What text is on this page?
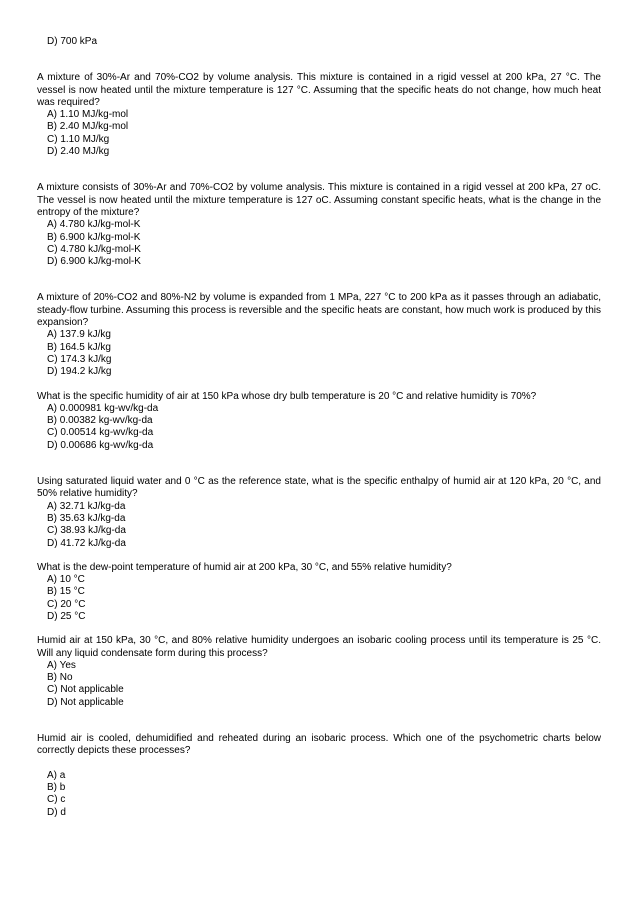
D) 700 kPa

A mixture of 30%-Ar and 70%-CO2 by volume analysis. This mixture is contained in a rigid vessel at 200 kPa, 27 °C. The vessel is now heated until the mixture temperature is 127 °C. Assuming that the specific heats do not change, how much heat was required?

A) 1.10 MJ/kg-mol
B) 2.40 MJ/kg-mol
C) 1.10 MJ/kg
D) 2.40 MJ/kg

A mixture consists of 30%-Ar and 70%-CO2 by volume analysis. This mixture is contained in a rigid vessel at 200 kPa, 27 oC. The vessel is now heated until the mixture temperature is 127 oC. Assuming constant specific heats, what is the change in the entropy of the mixture?

A) 4.780 kJ/kg-mol-K
B) 6.900 kJ/kg-mol-K
C) 4.780 kJ/kg-mol-K
D) 6.900 kJ/kg-mol-K

A mixture of 20%-CO2 and 80%-N2 by volume is expanded from 1 MPa, 227 °C to 200 kPa as it passes through an adiabatic, steady-flow turbine. Assuming this process is reversible and the specific heats are constant, how much work is produced by this expansion?

A) 137.9 kJ/kg
B) 164.5 kJ/kg
C) 174.3 kJ/kg
D) 194.2 kJ/kg

What is the specific humidity of air at 150 kPa whose dry bulb temperature is 20 °C and relative humidity is 70%?

A) 0.000981 kg-wv/kg-da
B) 0.00382 kg-wv/kg-da
C) 0.00514 kg-wv/kg-da
D) 0.00686 kg-wv/kg-da

Using saturated liquid water and 0 °C as the reference state, what is the specific enthalpy of humid air at 120 kPa, 20 °C, and 50% relative humidity?

A) 32.71 kJ/kg-da
B) 35.63 kJ/kg-da
C) 38.93 kJ/kg-da
D) 41.72 kJ/kg-da

What is the dew-point temperature of humid air at 200 kPa, 30 °C, and 55% relative humidity?

A) 10 °C
B) 15 °C
C) 20 °C
D) 25 °C

Humid air at 150 kPa, 30 °C, and 80% relative humidity undergoes an isobaric cooling process until its temperature is 25 °C. Will any liquid condensate form during this process?

A) Yes
B) No
C) Not applicable
D) Not applicable

Humid air is cooled, dehumidified and reheated during an isobaric process. Which one of the psychometric charts below correctly depicts these processes?

A) a
B) b
C) c
D) d
